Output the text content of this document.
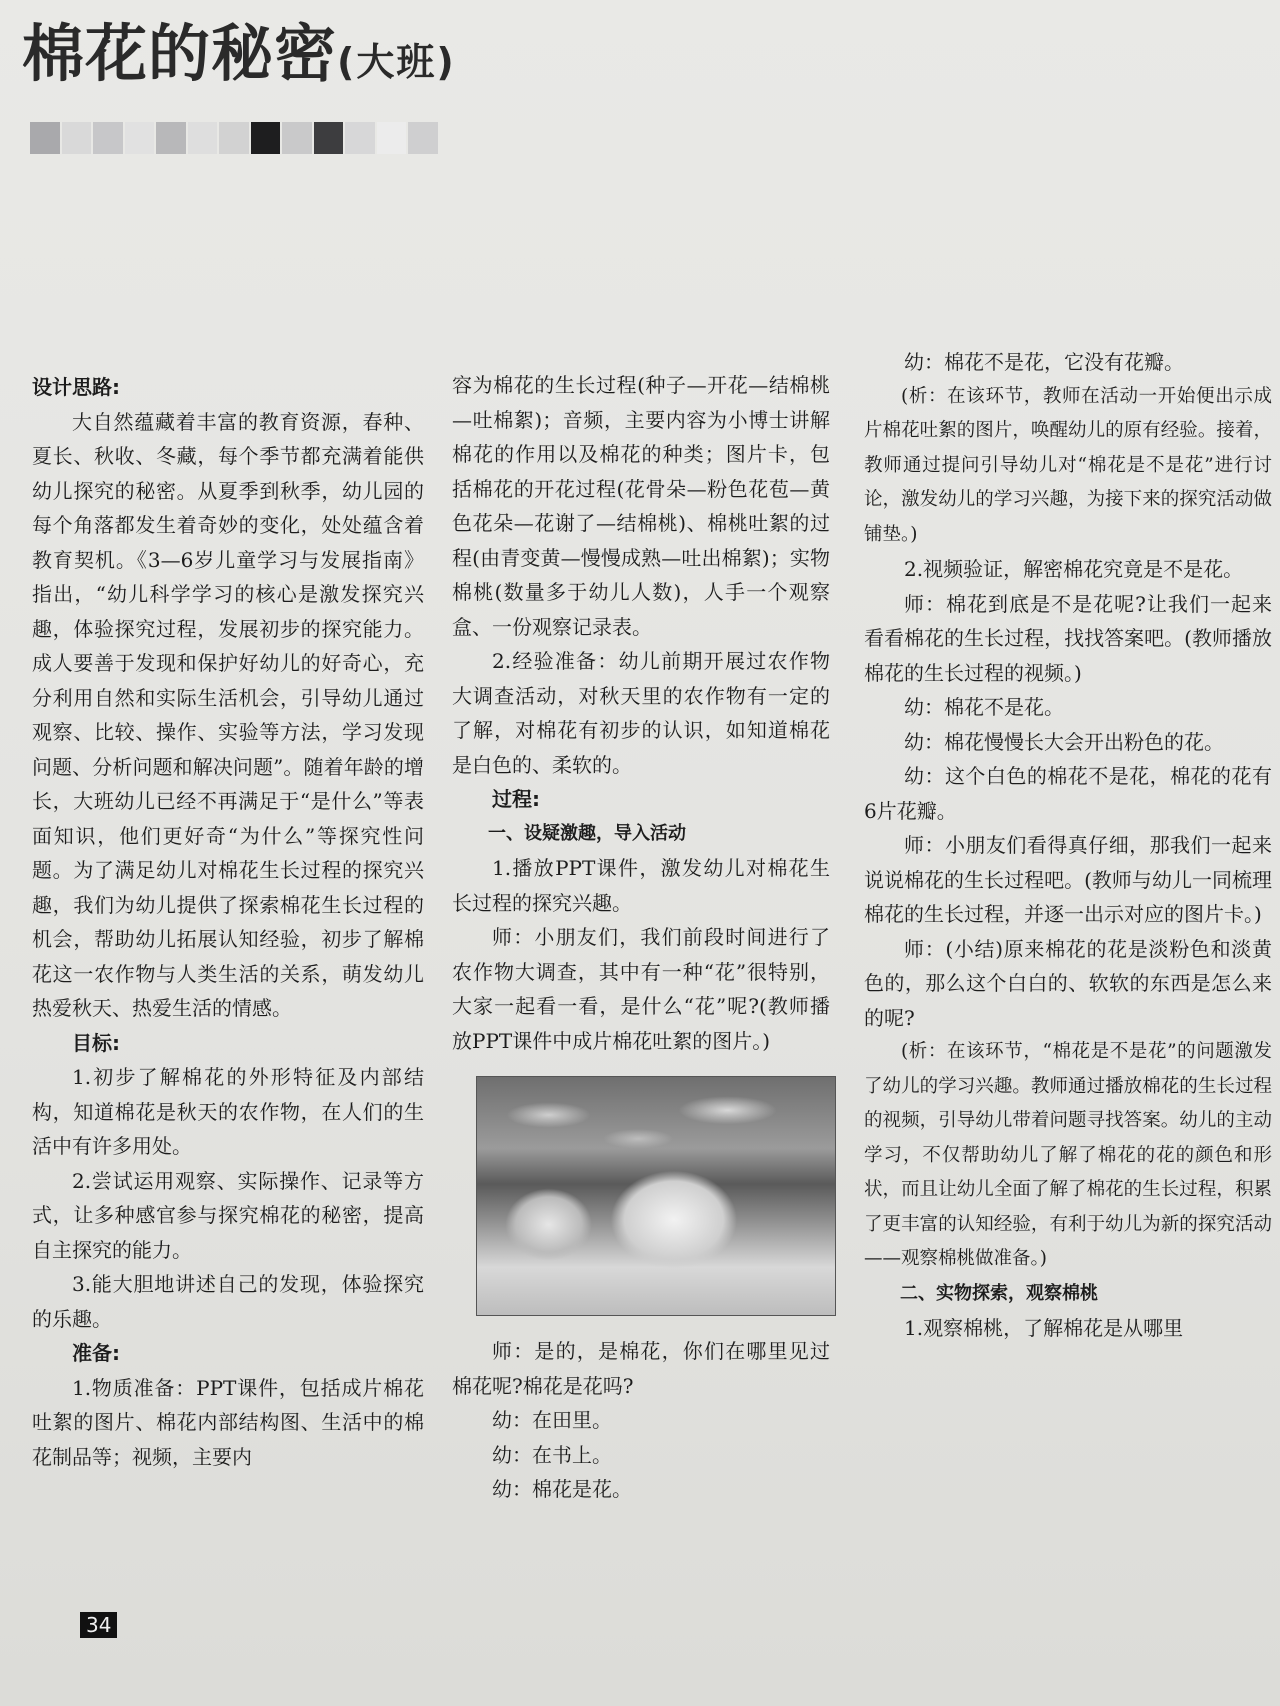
棉花的秘密(大班)

设计思路:

大自然蕴藏着丰富的教育资源，春种、夏长、秋收、冬藏，每个季节都充满着能供幼儿探究的秘密。从夏季到秋季，幼儿园的每个角落都发生着奇妙的变化，处处蕴含着教育契机。《3—6岁儿童学习与发展指南》指出，“幼儿科学学习的核心是激发探究兴趣，体验探究过程，发展初步的探究能力。成人要善于发现和保护好幼儿的好奇心，充分利用自然和实际生活机会，引导幼儿通过观察、比较、操作、实验等方法，学习发现问题、分析问题和解决问题”。随着年龄的增长，大班幼儿已经不再满足于“是什么”等表面知识，他们更好奇“为什么”等探究性问题。为了满足幼儿对棉花生长过程的探究兴趣，我们为幼儿提供了探索棉花生长过程的机会，帮助幼儿拓展认知经验，初步了解棉花这一农作物与人类生活的关系，萌发幼儿热爱秋天、热爱生活的情感。

目标:

1.初步了解棉花的外形特征及内部结构，知道棉花是秋天的农作物，在人们的生活中有许多用处。

2.尝试运用观察、实际操作、记录等方式，让多种感官参与探究棉花的秘密，提高自主探究的能力。

3.能大胆地讲述自己的发现，体验探究的乐趣。

准备:

1.物质准备：PPT课件，包括成片棉花吐絮的图片、棉花内部结构图、生活中的棉花制品等；视频，主要内

容为棉花的生长过程(种子—开花—结棉桃—吐棉絮)；音频，主要内容为小博士讲解棉花的作用以及棉花的种类；图片卡，包括棉花的开花过程(花骨朵—粉色花苞—黄色花朵—花谢了—结棉桃)、棉桃吐絮的过程(由青变黄—慢慢成熟—吐出棉絮)；实物棉桃(数量多于幼儿人数)，人手一个观察盒、一份观察记录表。

2.经验准备：幼儿前期开展过农作物大调查活动，对秋天里的农作物有一定的了解，对棉花有初步的认识，如知道棉花是白色的、柔软的。

过程:

一、设疑激趣，导入活动

1.播放PPT课件，激发幼儿对棉花生长过程的探究兴趣。

师：小朋友们，我们前段时间进行了农作物大调查，其中有一种“花”很特别，大家一起看一看，是什么“花”呢?(教师播放PPT课件中成片棉花吐絮的图片。)

师：是的，是棉花，你们在哪里见过棉花呢?棉花是花吗?

幼：在田里。

幼：在书上。

幼：棉花是花。

幼：棉花不是花，它没有花瓣。

(析：在该环节，教师在活动一开始便出示成片棉花吐絮的图片，唤醒幼儿的原有经验。接着，教师通过提问引导幼儿对“棉花是不是花”进行讨论，激发幼儿的学习兴趣，为接下来的探究活动做铺垫。)

2.视频验证，解密棉花究竟是不是花。

师：棉花到底是不是花呢?让我们一起来看看棉花的生长过程，找找答案吧。(教师播放棉花的生长过程的视频。)

幼：棉花不是花。

幼：棉花慢慢长大会开出粉色的花。

幼：这个白色的棉花不是花，棉花的花有6片花瓣。

师：小朋友们看得真仔细，那我们一起来说说棉花的生长过程吧。(教师与幼儿一同梳理棉花的生长过程，并逐一出示对应的图片卡。)

师：(小结)原来棉花的花是淡粉色和淡黄色的，那么这个白白的、软软的东西是怎么来的呢?

(析：在该环节，“棉花是不是花”的问题激发了幼儿的学习兴趣。教师通过播放棉花的生长过程的视频，引导幼儿带着问题寻找答案。幼儿的主动学习，不仅帮助幼儿了解了棉花的花的颜色和形状，而且让幼儿全面了解了棉花的生长过程，积累了更丰富的认知经验，有利于幼儿为新的探究活动——观察棉桃做准备。)

二、实物探索，观察棉桃

1.观察棉桃，了解棉花是从哪里

34
